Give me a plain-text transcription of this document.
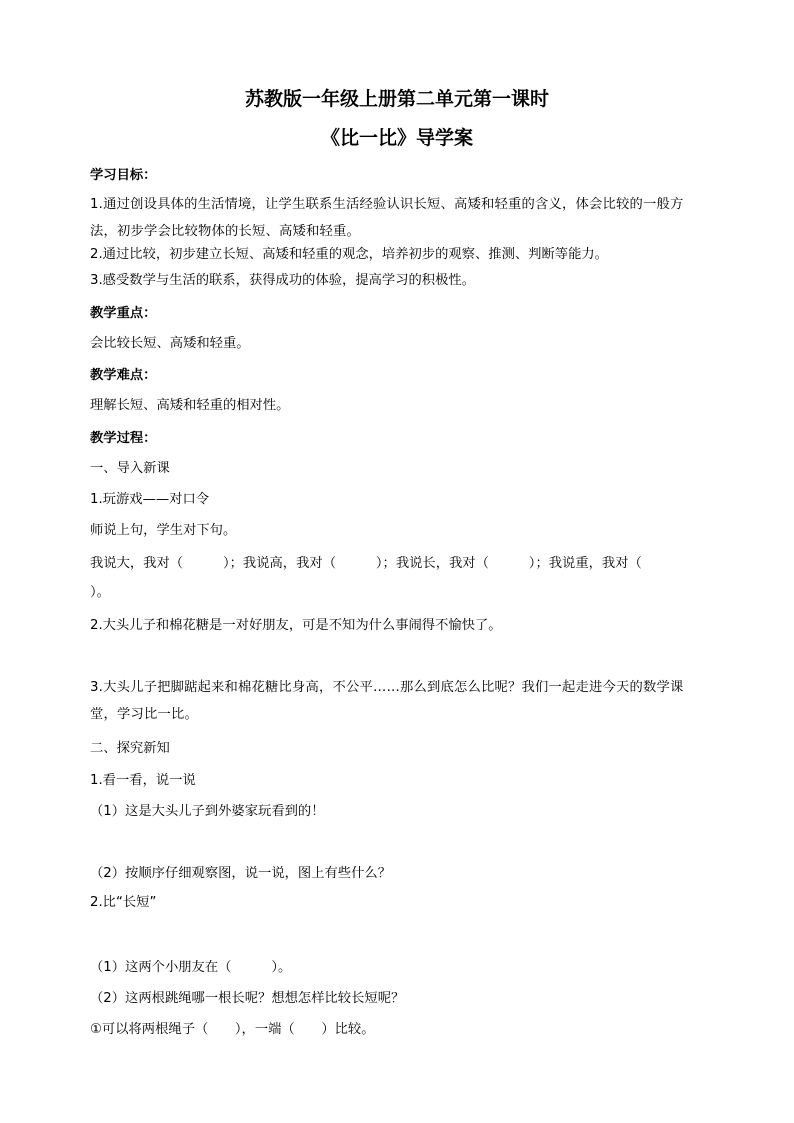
苏教版一年级上册第二单元第一课时
《比一比》导学案

学习目标：

1.通过创设具体的生活情境，让学生联系生活经验认识长短、高矮和轻重的含义，体会比较的一般方法，初步学会比较物体的长短、高矮和轻重。

2.通过比较，初步建立长短、高矮和轻重的观念，培养初步的观察、推测、判断等能力。

3.感受数学与生活的联系，获得成功的体验，提高学习的积极性。

教学重点：

会比较长短、高矮和轻重。

教学难点：

理解长短、高矮和轻重的相对性。

教学过程：

一、导入新课

1.玩游戏——对口令

师说上句，学生对下句。

我说大，我对（　　　）；我说高，我对（　　　）；我说长，我对（　　　）；我说重，我对（

）。

2.大头儿子和棉花糖是一对好朋友，可是不知为什么事闹得不愉快了。

3.大头儿子把脚踮起来和棉花糖比身高，不公平……那么到底怎么比呢？我们一起走进今天的数学课堂，学习比一比。

二、探究新知

1.看一看，说一说

（1）这是大头儿子到外婆家玩看到的！

（2）按顺序仔细观察图，说一说，图上有些什么？

2.比“长短”

（1）这两个小朋友在（　　　）。

（2）这两根跳绳哪一根长呢？想想怎样比较长短呢？

①可以将两根绳子（　　），一端（　　）比较。
